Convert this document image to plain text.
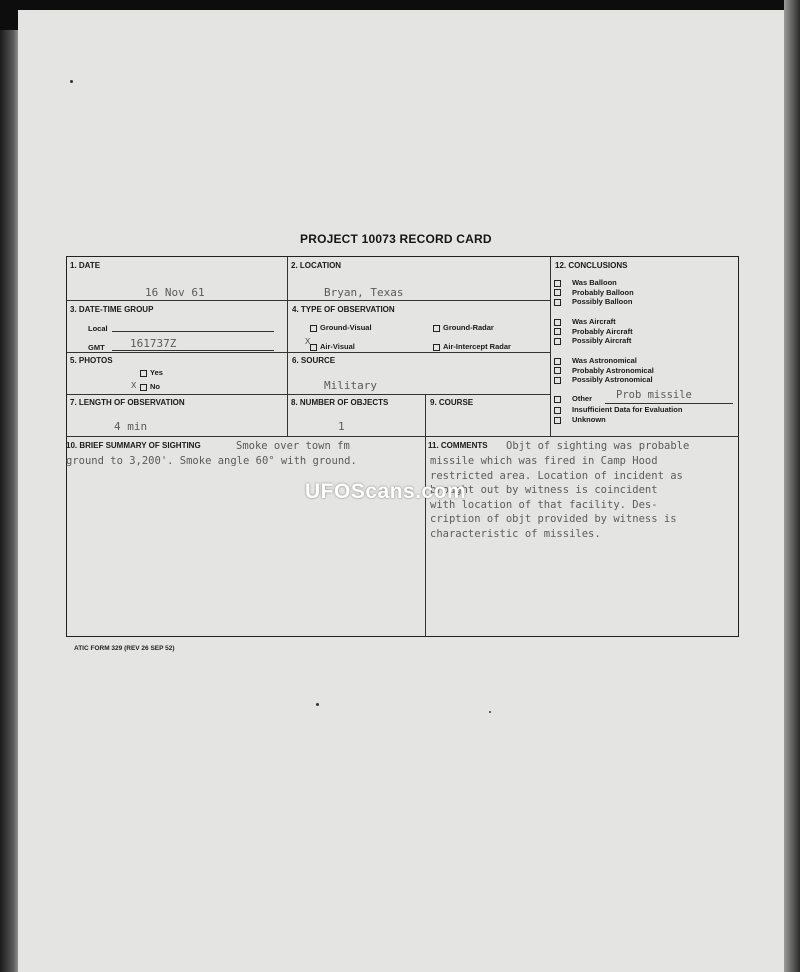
PROJECT 10073 RECORD CARD
1. DATE
16 Nov 61
2. LOCATION
Bryan, Texas
3. DATE-TIME GROUP
Local
GMT 161737Z
4. TYPE OF OBSERVATION
Ground-Visual	Ground-Radar
X
Air-Visual	Air-Intercept Radar
5. PHOTOS
Yes
X	No
6. SOURCE
Military
7. LENGTH OF OBSERVATION
4 min
8. NUMBER OF OBJECTS
1
9. COURSE
12. CONCLUSIONS
Was Balloon
Probably Balloon
Possibly Balloon
Was Aircraft
Probably Aircraft
Possibly Aircraft
Was Astronomical
Probably Astronomical
Possibly Astronomical
Other Prob missile
Insufficient Data for Evaluation
Unknown
10. BRIEF SUMMARY OF SIGHTING	Smoke over town fm
ground to 3,200'. Smoke angle 60° with ground.
11. COMMENTS Objt of sighting was probable
missile which was fired in Camp Hood
restricted area. Location of incident as
brought out by witness is coincident
with location of that facility. Des-
cription of objt provided by witness is
characteristic of missiles.
UFOScans.com
ATIC FORM 329 (REV 26 SEP 52)
